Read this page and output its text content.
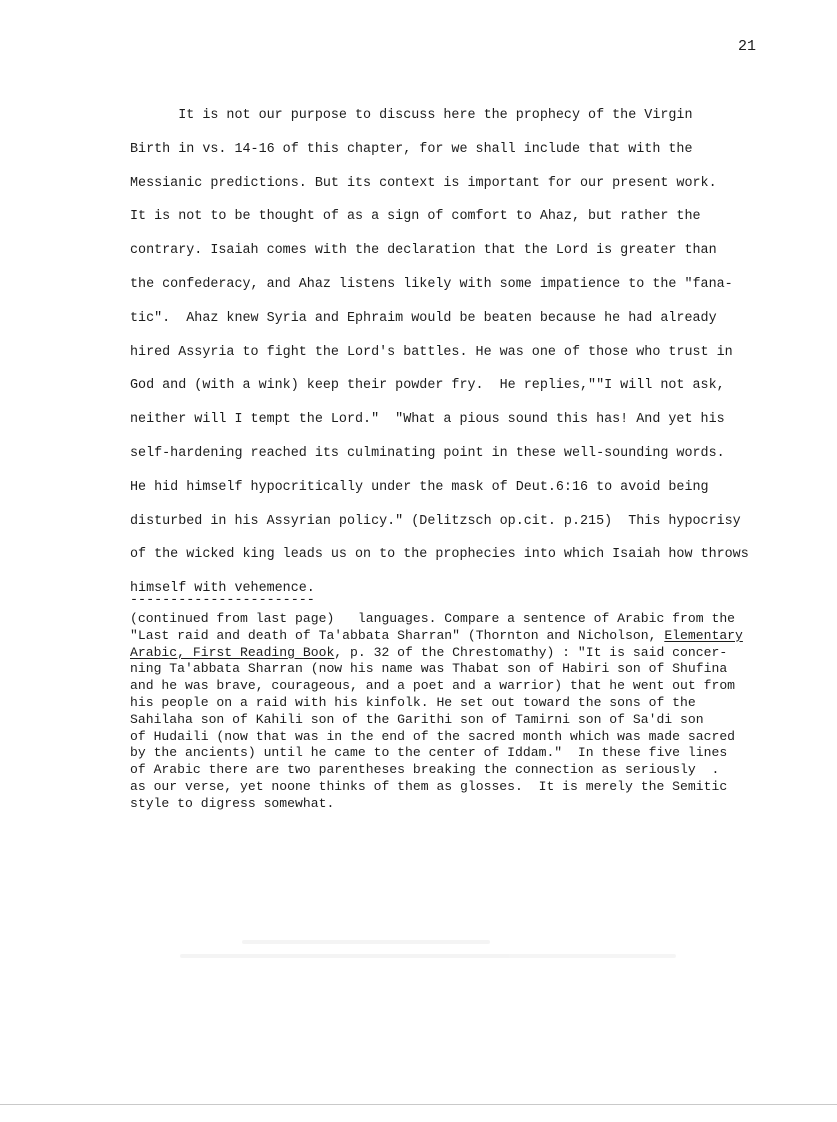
21
It is not our purpose to discuss here the prophecy of the Virgin
Birth in vs. 14-16 of this chapter, for we shall include that with the
Messianic predictions. But its context is important for our present work.
It is not to be thought of as a sign of comfort to Ahaz, but rather the
contrary. Isaiah comes with the declaration that the Lord is greater than
the confederacy, and Ahaz listens likely with some impatience to the "fana-
tic".  Ahaz knew Syria and Ephraim would be beaten because he had already
hired Assyria to fight the Lord's battles. He was one of those who trust in
God and (with a wink) keep their powder fry.  He replies,""I will not ask,
neither will I tempt the Lord."  "What a pious sound this has! And yet his
self-hardening reached its culminating point in these well-sounding words.
He hid himself hypocritically under the mask of Deut.6:16 to avoid being
disturbed in his Assyrian policy." (Delitzsch op.cit. p.215)  This hypocrisy
of the wicked king leads us on to the prophecies into which Isaiah how throws
himself with vehemence.
-----------------------
(continued from last page)   languages. Compare a sentence of Arabic from the
"Last raid and death of Ta'abbata Sharran" (Thornton and Nicholson, Elementary
Arabic, First Reading Book, p. 32 of the Chrestomathy) : "It is said concer-
ning Ta'abbata Sharran (now his name was Thabat son of Habiri son of Shufina
and he was brave, courageous, and a poet and a warrior) that he went out from
his people on a raid with his kinfolk. He set out toward the sons of the
Sahilaha son of Kahili son of the Garithi son of Tamirni son of Sa'di son
of Hudaili (now that was in the end of the sacred month which was made sacred
by the ancients) until he came to the center of Iddam."  In these five lines
of Arabic there are two parentheses breaking the connection as seriously  .
as our verse, yet noone thinks of them as glosses.  It is merely the Semitic
style to digress somewhat.
